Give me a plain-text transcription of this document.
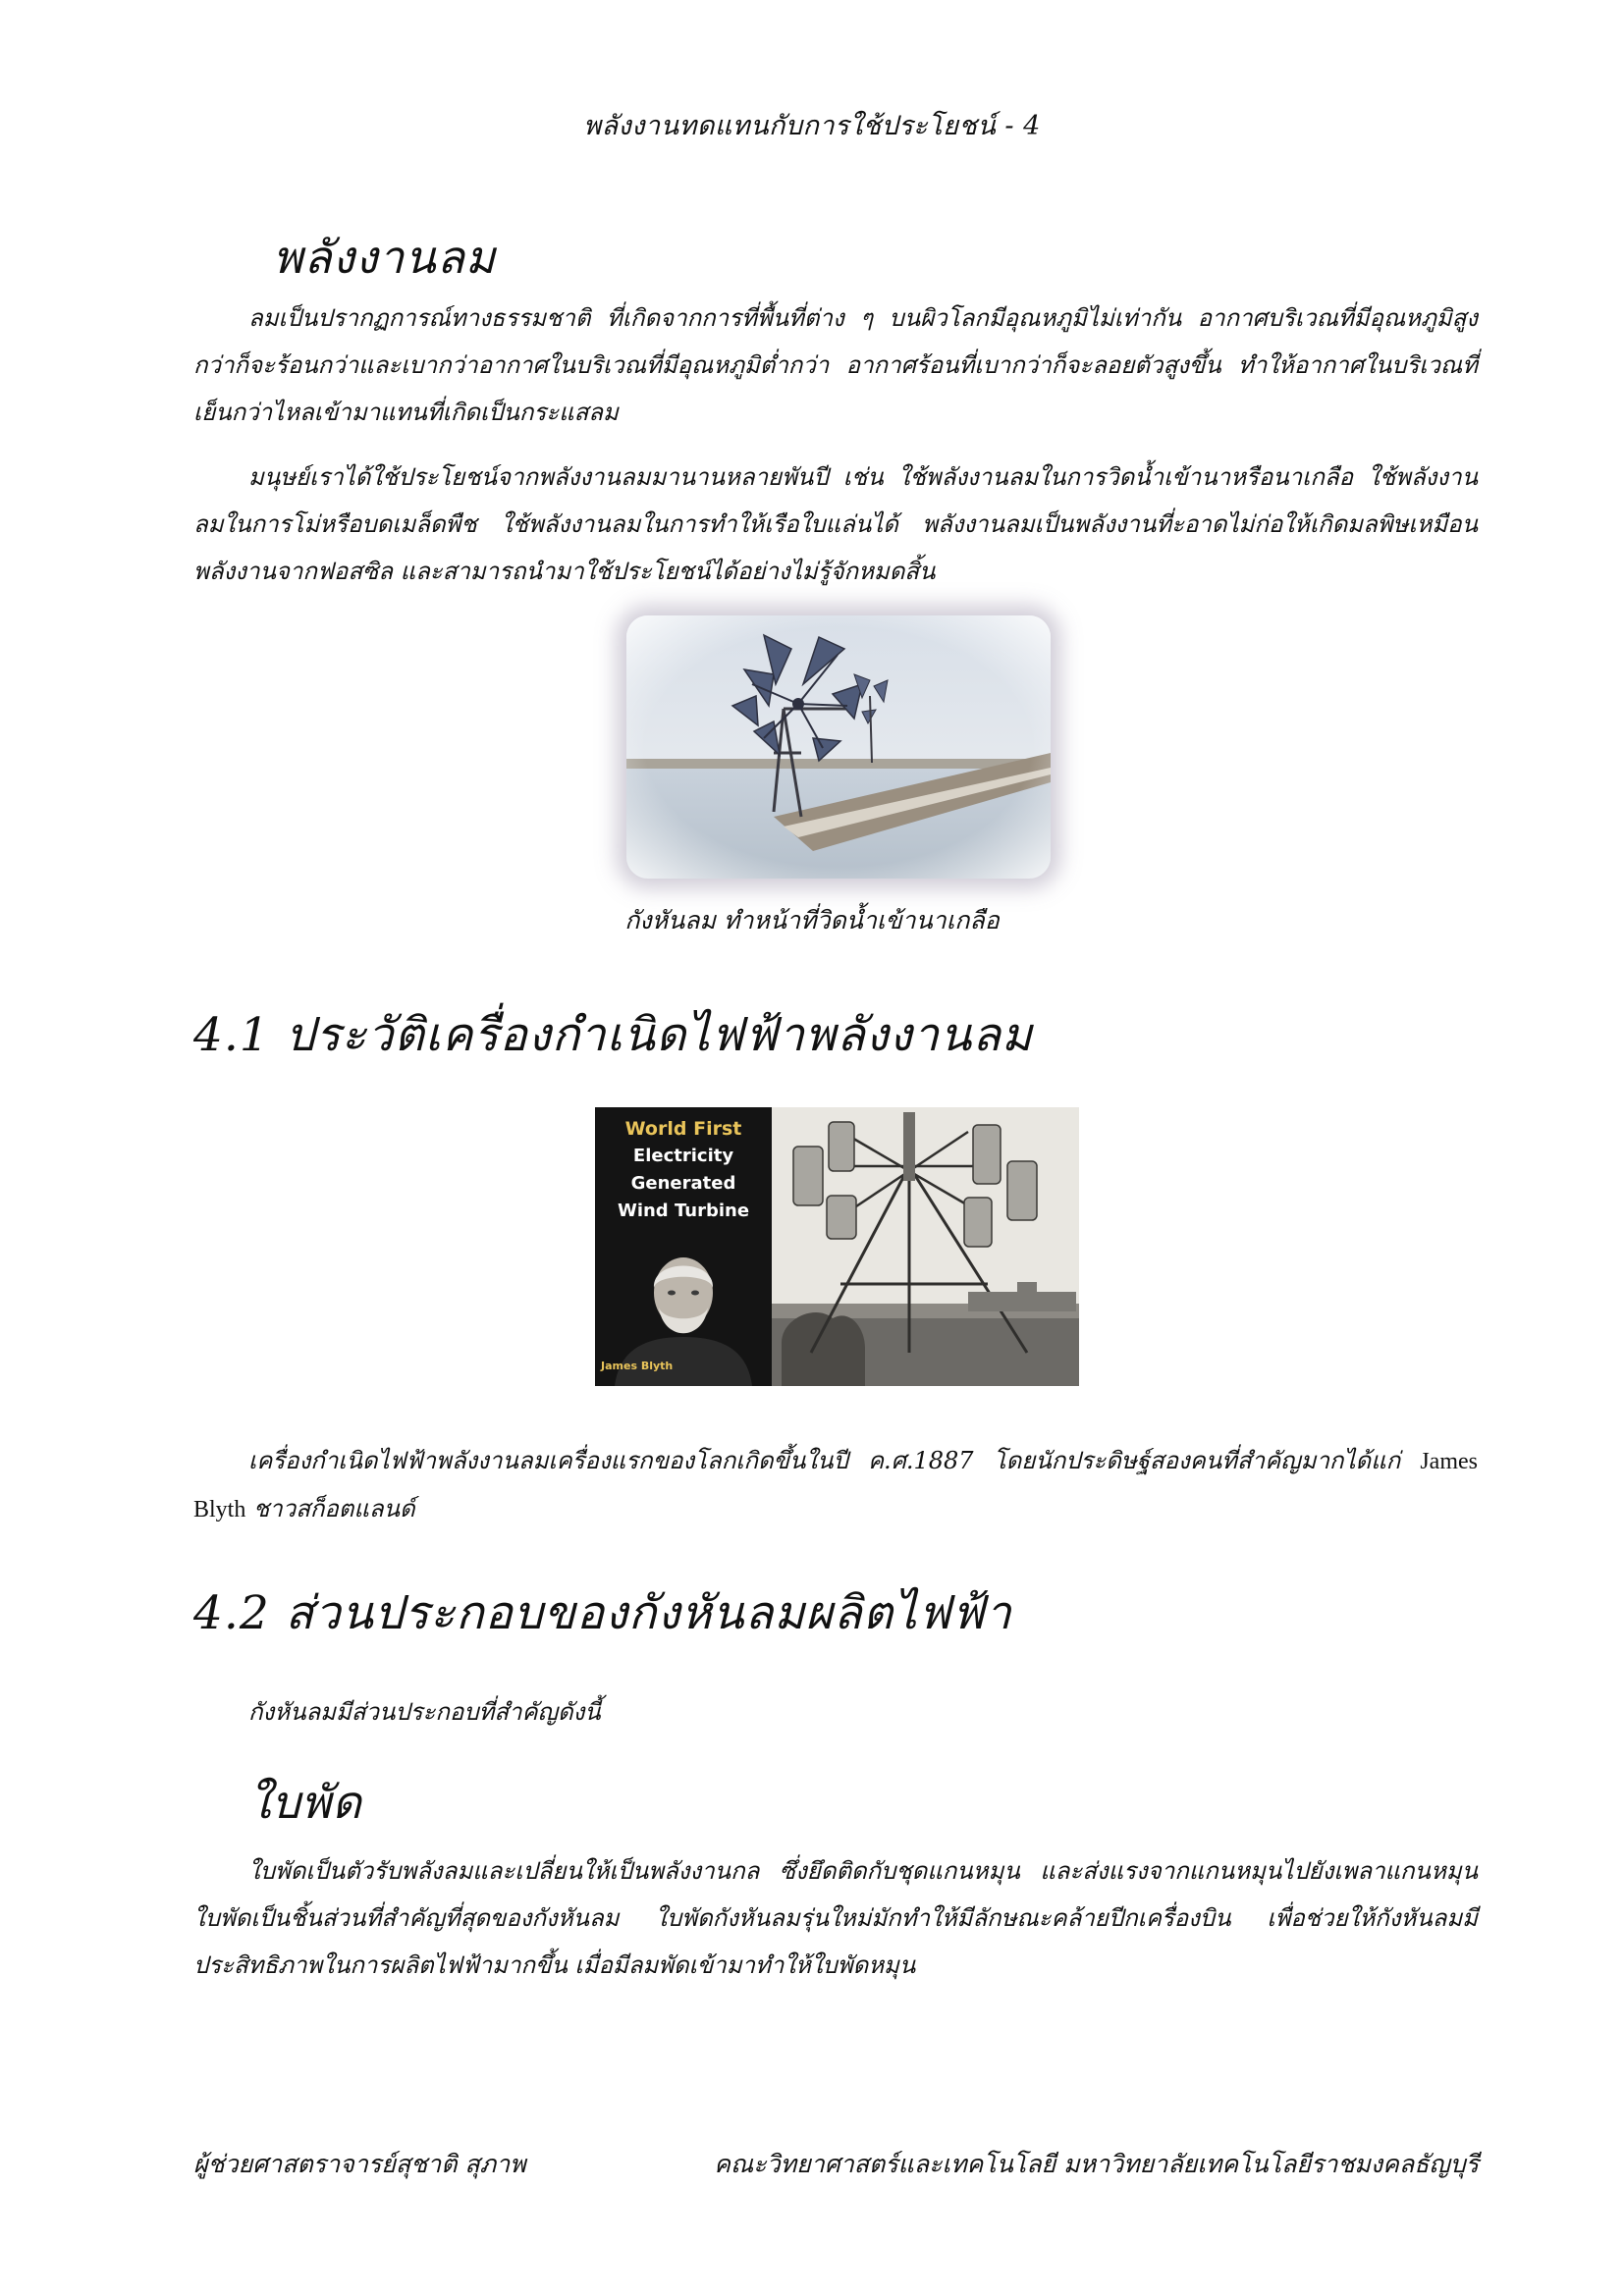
พลังงานทดแทนกับการใช้ประโยชน์ - 4
พลังงานลม

ลมเป็นปรากฏการณ์ทางธรรมชาติ ที่เกิดจากการที่พื้นที่ต่าง ๆ บนผิวโลกมีอุณหภูมิไม่เท่ากัน อากาศบริเวณที่มีอุณหภูมิสูงกว่าก็จะร้อนกว่าและเบากว่าอากาศในบริเวณที่มีอุณหภูมิต่ำกว่า อากาศร้อนที่เบากว่าก็จะลอยตัวสูงขึ้น ทำให้อากาศในบริเวณที่เย็นกว่าไหลเข้ามาแทนที่เกิดเป็นกระแสลม

มนุษย์เราได้ใช้ประโยชน์จากพลังงานลมมานานหลายพันปี เช่น ใช้พลังงานลมในการวิดน้ำเข้านาหรือนาเกลือ ใช้พลังงานลมในการโม่หรือบดเมล็ดพืช ใช้พลังงานลมในการทำให้เรือใบแล่นได้ พลังงานลมเป็นพลังงานที่ะอาดไม่ก่อให้เกิดมลพิษเหมือนพลังงานจากฟอสซิล และสามารถนำมาใช้ประโยชน์ได้อย่างไม่รู้จักหมดสิ้น

กังหันลม ทำหน้าที่วิดน้ำเข้านาเกลือ
4.1 ประวัติเครื่องกำเนิดไฟฟ้าพลังงานลม
World First
Electricity
Generated
Wind Turbine
James Blyth

เครื่องกำเนิดไฟฟ้าพลังงานลมเครื่องแรกของโลกเกิดขึ้นในปี ค.ศ.1887 โดยนักประดิษฐ์สองคนที่สำคัญมากได้แก่ James Blyth ชาวสก็อตแลนด์

4.2 ส่วนประกอบของกังหันลมผลิตไฟฟ้า
กังหันลมมีส่วนประกอบที่สำคัญดังนี้
ใบพัด

ใบพัดเป็นตัวรับพลังลมและเปลี่ยนให้เป็นพลังงานกล ซึ่งยึดติดกับชุดแกนหมุน และส่งแรงจากแกนหมุนไปยังเพลาแกนหมุน ใบพัดเป็นชิ้นส่วนที่สำคัญที่สุดของกังหันลม ใบพัดกังหันลมรุ่นใหม่มักทำให้มีลักษณะคล้ายปีกเครื่องบิน เพื่อช่วยให้กังหันลมมีประสิทธิภาพในการผลิตไฟฟ้ามากขึ้น เมื่อมีลมพัดเข้ามาทำให้ใบพัดหมุน

ผู้ช่วยศาสตราจารย์สุชาติ สุภาพ	คณะวิทยาศาสตร์และเทคโนโลยี มหาวิทยาลัยเทคโนโลยีราชมงคลธัญบุรี
